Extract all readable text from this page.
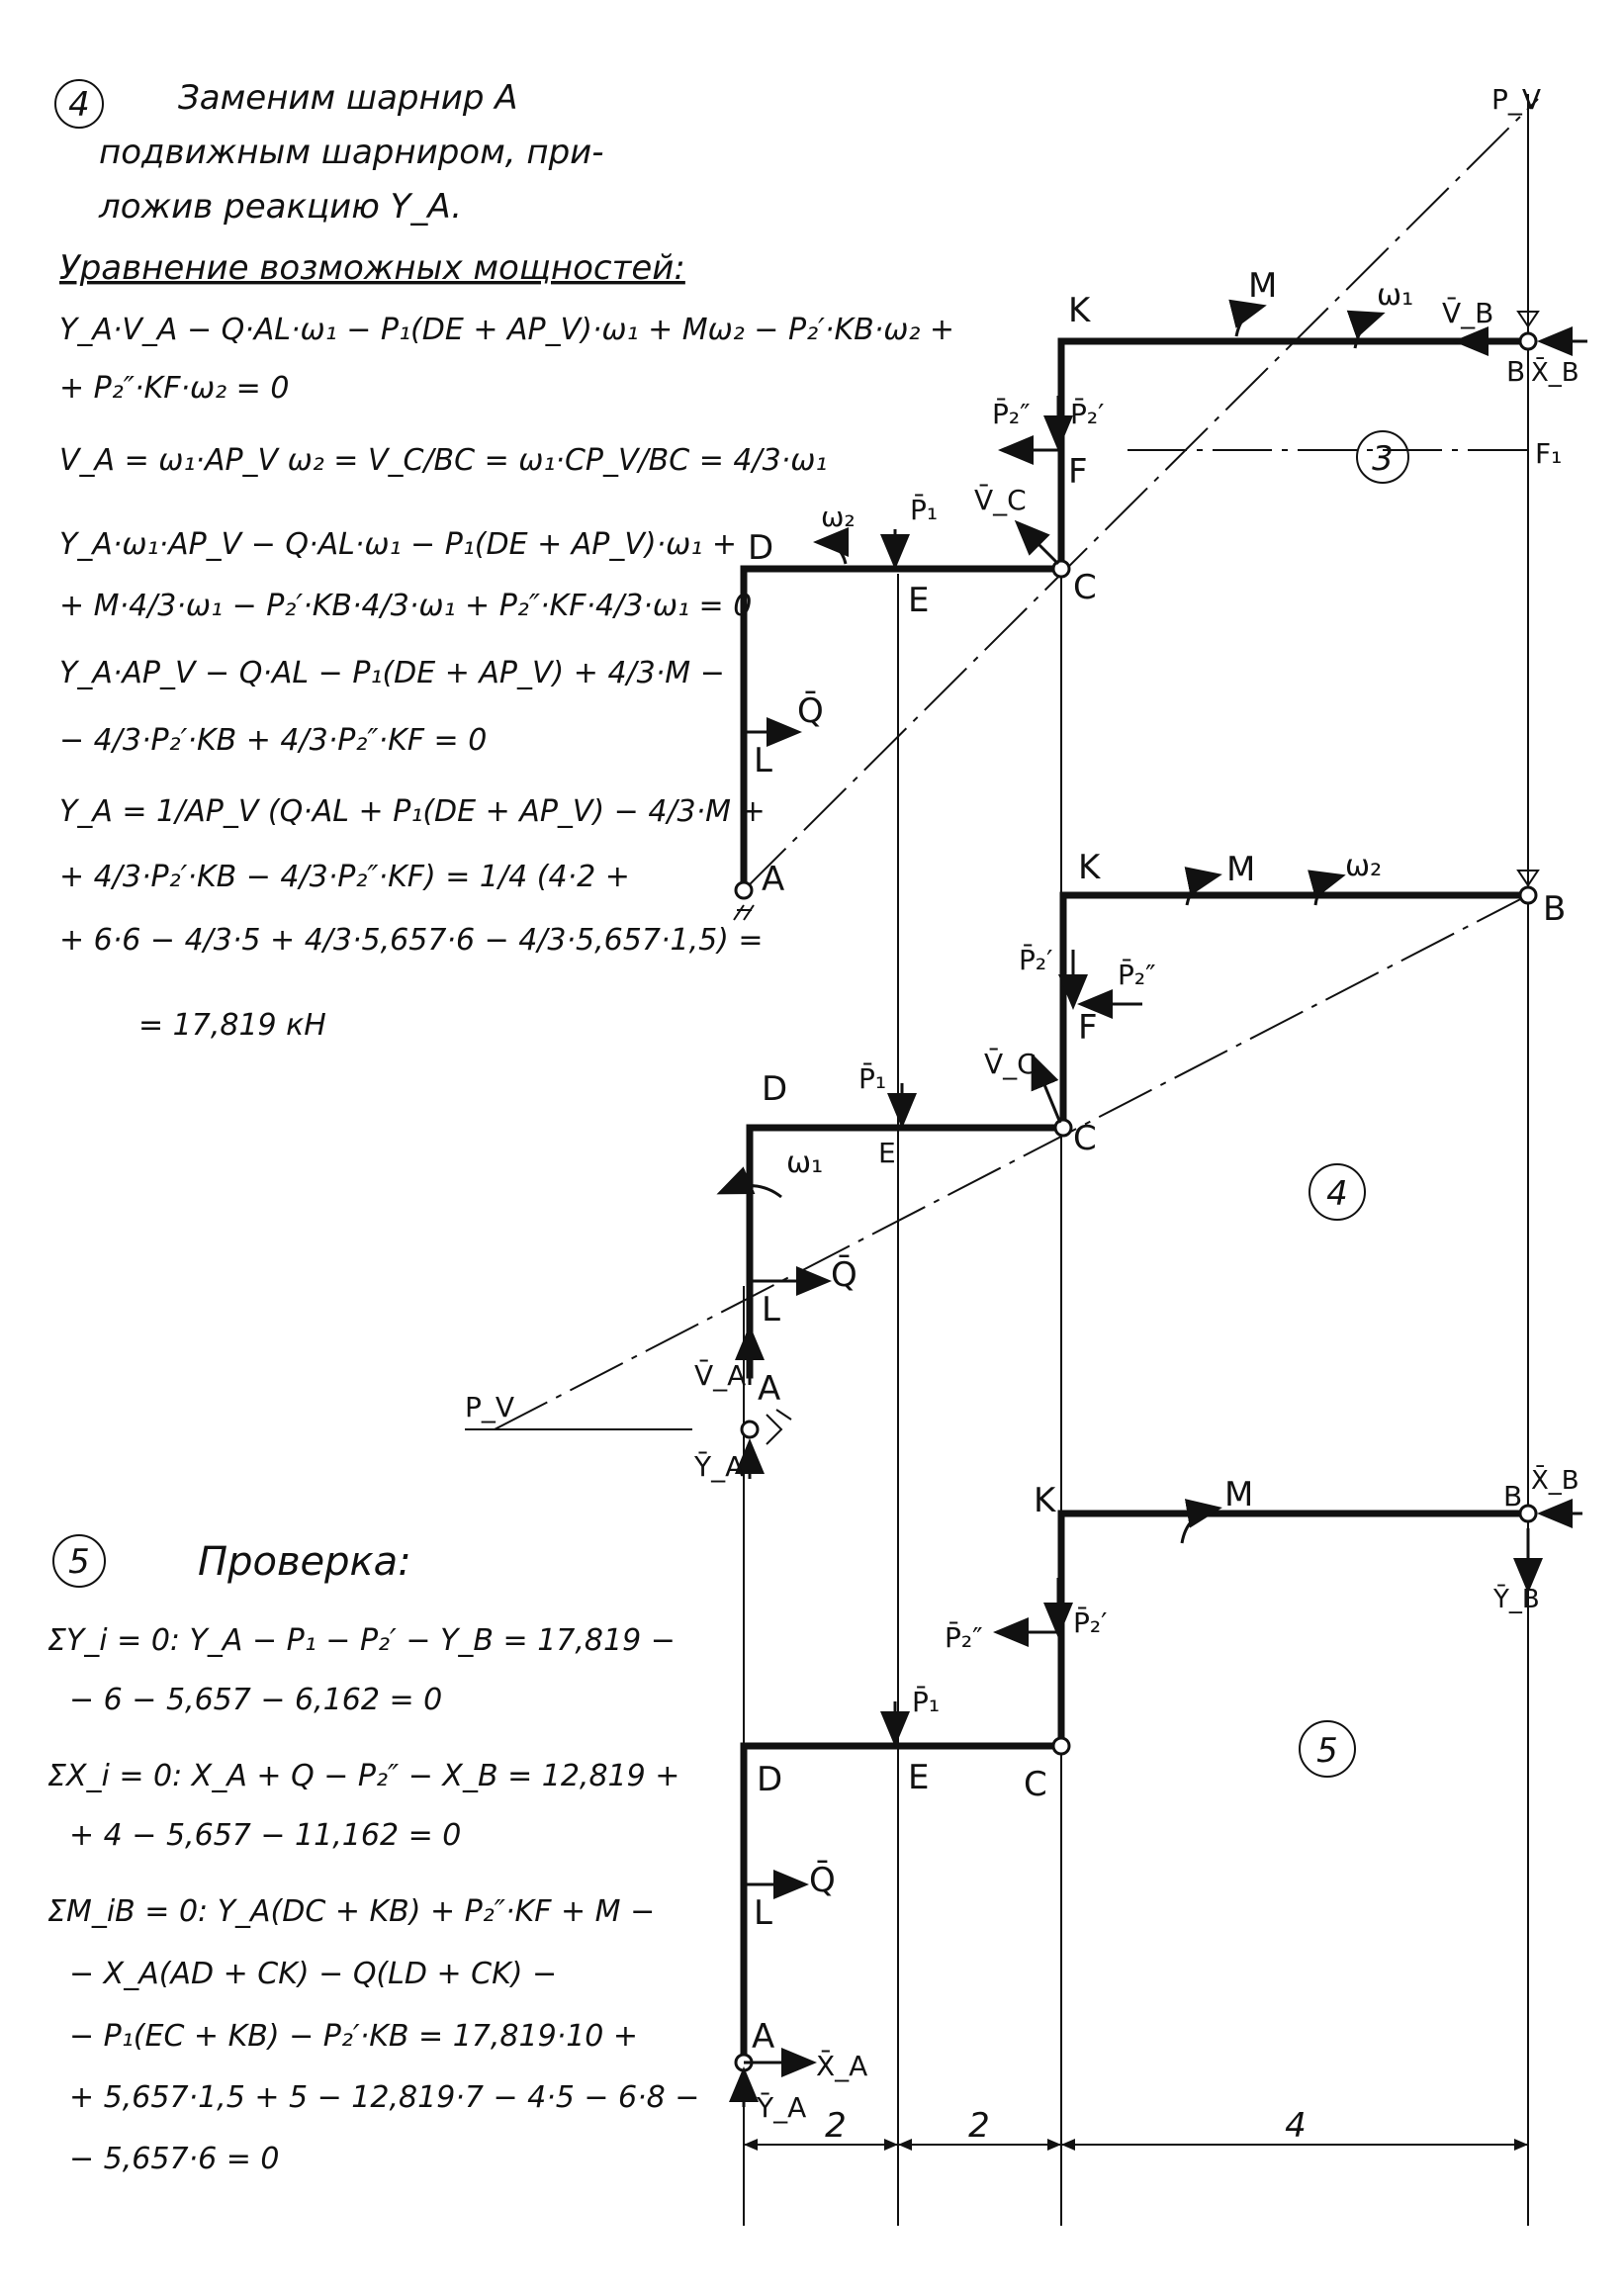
4	Заменим шарнир A
подвижным шарниром, при-
ложив реакцию Y_A.
Уравнение возможных мощностей:
Y_A·V_A − Q·AL·ω₁ − P₁(DE + AP_V)·ω₁ + Mω₂ − P₂′·KB·ω₂ +
+ P₂″·KF·ω₂ = 0
V_A = ω₁·AP_V ω₂ = V_C/BC = ω₁·CP_V/BC = 4/3·ω₁
Y_A·ω₁·AP_V − Q·AL·ω₁ − P₁(DE + AP_V)·ω₁ +
+ M·4/3·ω₁ − P₂′·KB·4/3·ω₁ + P₂″·KF·4/3·ω₁ = 0
Y_A·AP_V − Q·AL − P₁(DE + AP_V) + 4/3·M −
− 4/3·P₂′·KB + 4/3·P₂″·KF = 0
Y_A = 1/AP_V (Q·AL + P₁(DE + AP_V) − 4/3·M +
+ 4/3·P₂′·KB − 4/3·P₂″·KF) = 1/4 (4·2 +
+ 6·6 − 4/3·5 + 4/3·5,657·6 − 4/3·5,657·1,5) =
= 17,819 кН
5	Проверка:
ΣY_i = 0: Y_A − P₁ − P₂′ − Y_B = 17,819 −
− 6 − 5,657 − 6,162 = 0
ΣX_i = 0: X_A + Q − P₂″ − X_B = 12,819 +
+ 4 − 5,657 − 11,162 = 0
ΣM_iB = 0: Y_A(DC + KB) + P₂″·KF + M −
− X_A(AD + CK) − Q(LD + CK) −
− P₁(EC + KB) − P₂′·KB = 17,819·10 +
+ 5,657·1,5 + 5 − 12,819·7 − 4·5 − 6·8 −
− 5,657·6 = 0
3
P_V
K
M	ω₁
V̄_B
B X̄_B
P̄₂″ P̄₂′
F	F₁
V̄_C
P̄₁
D
ω₂
E	C
Q̄
L
A
4
K	M	ω₂
B
P̄₂′ P̄₂″
F
V̄_C
D	P̄₁
E	C
ω₁
L
Q̄
V̄_A A
P_V
Ȳ_A
5
K	M	B X̄_B
Ȳ_B
P̄₂″	P̄₂′
P̄₁
D	E	C
L
Q̄
A
X̄_A
Ȳ_A 2	2	4
